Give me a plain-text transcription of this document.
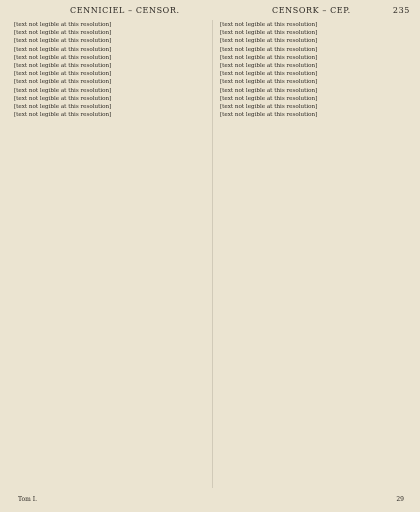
CENNICIEL – CENSOR.	CENSORK – CEP.	235

[text not legible at this resolution]

[text not legible at this resolution]

[text not legible at this resolution]

[text not legible at this resolution]

[text not legible at this resolution]

[text not legible at this resolution]

[text not legible at this resolution]

[text not legible at this resolution]

[text not legible at this resolution]

[text not legible at this resolution]

[text not legible at this resolution]

[text not legible at this resolution]

[text not legible at this resolution]

[text not legible at this resolution]

[text not legible at this resolution]

[text not legible at this resolution]

[text not legible at this resolution]

[text not legible at this resolution]

[text not legible at this resolution]

[text not legible at this resolution]

[text not legible at this resolution]

[text not legible at this resolution]

[text not legible at this resolution]

[text not legible at this resolution]

Tom I.	29
